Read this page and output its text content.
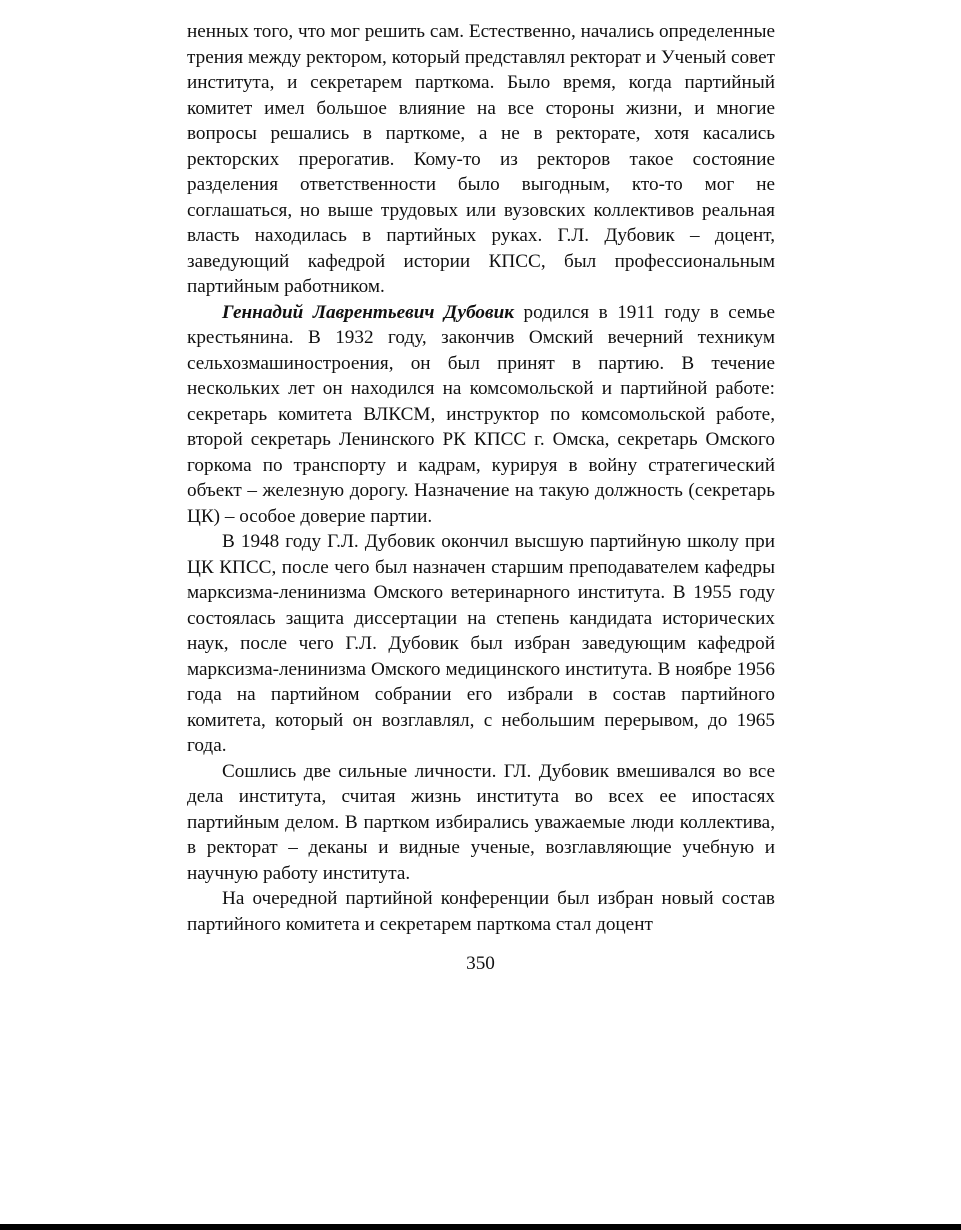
ненных того, что мог решить сам. Естественно, начались определенные трения между ректором, который представлял ректорат и Ученый совет института, и секретарем парткома. Было время, когда партийный комитет имел большое влияние на все стороны жизни, и многие вопросы решались в парткоме, а не в ректорате, хотя касались ректорских прерогатив. Кому-то из ректоров такое состояние разделения ответственности было выгодным, кто-то мог не соглашаться, но выше трудовых или вузовских коллективов реальная власть находилась в партийных руках. Г.Л. Дубовик – доцент, заведующий кафедрой истории КПСС, был профессиональным партийным работником.

Геннадий Лаврентьевич Дубовик родился в 1911 году в семье крестьянина. В 1932 году, закончив Омский вечерний техникум сельхозмашиностроения, он был принят в партию. В течение нескольких лет он находился на комсомольской и партийной работе: секретарь комитета ВЛКСМ, инструктор по комсомольской работе, второй секретарь Ленинского РК КПСС г. Омска, секретарь Омского горкома по транспорту и кадрам, курируя в войну стратегический объект – железную дорогу. Назначение на такую должность (секретарь ЦК) – особое доверие партии.

В 1948 году Г.Л. Дубовик окончил высшую партийную школу при ЦК КПСС, после чего был назначен старшим преподавателем кафедры марксизма-ленинизма Омского ветеринарного института. В 1955 году состоялась защита диссертации на степень кандидата исторических наук, после чего Г.Л. Дубовик был избран заведующим кафедрой марксизма-ленинизма Омского медицинского института. В ноябре 1956 года на партийном собрании его избрали в состав партийного комитета, который он возглавлял, с небольшим перерывом, до 1965 года.

Сошлись две сильные личности. ГЛ. Дубовик вмешивался во все дела института, считая жизнь института во всех ее ипостасях партийным делом. В партком избирались уважаемые люди коллектива, в ректорат – деканы и видные ученые, возглавляющие учебную и научную работу института.

На очередной партийной конференции был избран новый состав партийного комитета и секретарем парткома стал доцент

350
